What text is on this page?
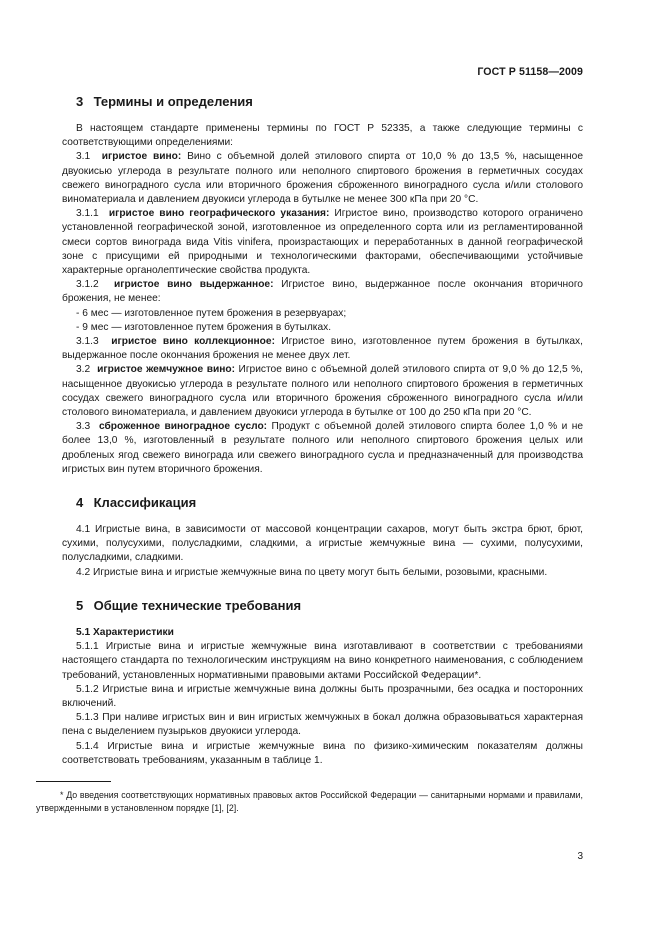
ГОСТ Р 51158—2009
3 Термины и определения

В настоящем стандарте применены термины по ГОСТ Р 52335, а также следующие термины с соответствующими определениями:

3.1 игристое вино: Вино с объемной долей этилового спирта от 10,0 % до 13,5 %, насыщенное двуокисью углерода в результате полного или неполного спиртового брожения в герметичных сосудах свежего виноградного сусла или вторичного брожения сброженного виноградного сусла и/или столового виноматериала и давлением двуокиси углерода в бутылке не менее 300 кПа при 20 °С.

3.1.1 игристое вино географического указания: Игристое вино, производство которого ограничено установленной географической зоной, изготовленное из определенного сорта или из регламентированной смеси сортов винограда вида Vitis vinifera, произрастающих и переработанных в данной географической зоне с присущими ей природными и технологическими факторами, обеспечивающими устойчивые характерные органолептические свойства продукта.

3.1.2 игристое вино выдержанное: Игристое вино, выдержанное после окончания вторичного брожения, не менее:

- 6 мес — изготовленное путем брожения в резервуарах;

- 9 мес — изготовленное путем брожения в бутылках.

3.1.3 игристое вино коллекционное: Игристое вино, изготовленное путем брожения в бутылках, выдержанное после окончания брожения не менее двух лет.

3.2 игристое жемчужное вино: Игристое вино с объемной долей этилового спирта от 9,0 % до 12,5 %, насыщенное двуокисью углерода в результате полного или неполного спиртового брожения в герметичных сосудах свежего виноградного сусла или вторичного брожения сброженного виноградного сусла и/или столового виноматериала, и давлением двуокиси углерода в бутылке от 100 до 250 кПа при 20 °С.

3.3 сброженное виноградное сусло: Продукт с объемной долей этилового спирта более 1,0 % и не более 13,0 %, изготовленный в результате полного или неполного спиртового брожения целых или дробленых ягод свежего винограда или свежего виноградного сусла и предназначенный для производства игристых вин путем вторичного брожения.

4 Классификация

4.1 Игристые вина, в зависимости от массовой концентрации сахаров, могут быть экстра брют, брют, сухими, полусухими, полусладкими, сладкими, а игристые жемчужные вина — сухими, полусухими, полусладкими, сладкими.

4.2 Игристые вина и игристые жемчужные вина по цвету могут быть белыми, розовыми, красными.

5 Общие технические требования
5.1 Характеристики

5.1.1 Игристые вина и игристые жемчужные вина изготавливают в соответствии с требованиями настоящего стандарта по технологическим инструкциям на вино конкретного наименования, с соблюдением требований, установленных нормативными правовыми актами Российской Федерации*.

5.1.2 Игристые вина и игристые жемчужные вина должны быть прозрачными, без осадка и посторонних включений.

5.1.3 При наливе игристых вин и вин игристых жемчужных в бокал должна образовываться характерная пена с выделением пузырьков двуокиси углерода.

5.1.4 Игристые вина и игристые жемчужные вина по физико-химическим показателям должны соответствовать требованиям, указанным в таблице 1.

* До введения соответствующих нормативных правовых актов Российской Федерации — санитарными нормами и правилами, утвержденными в установленном порядке [1], [2].
3
